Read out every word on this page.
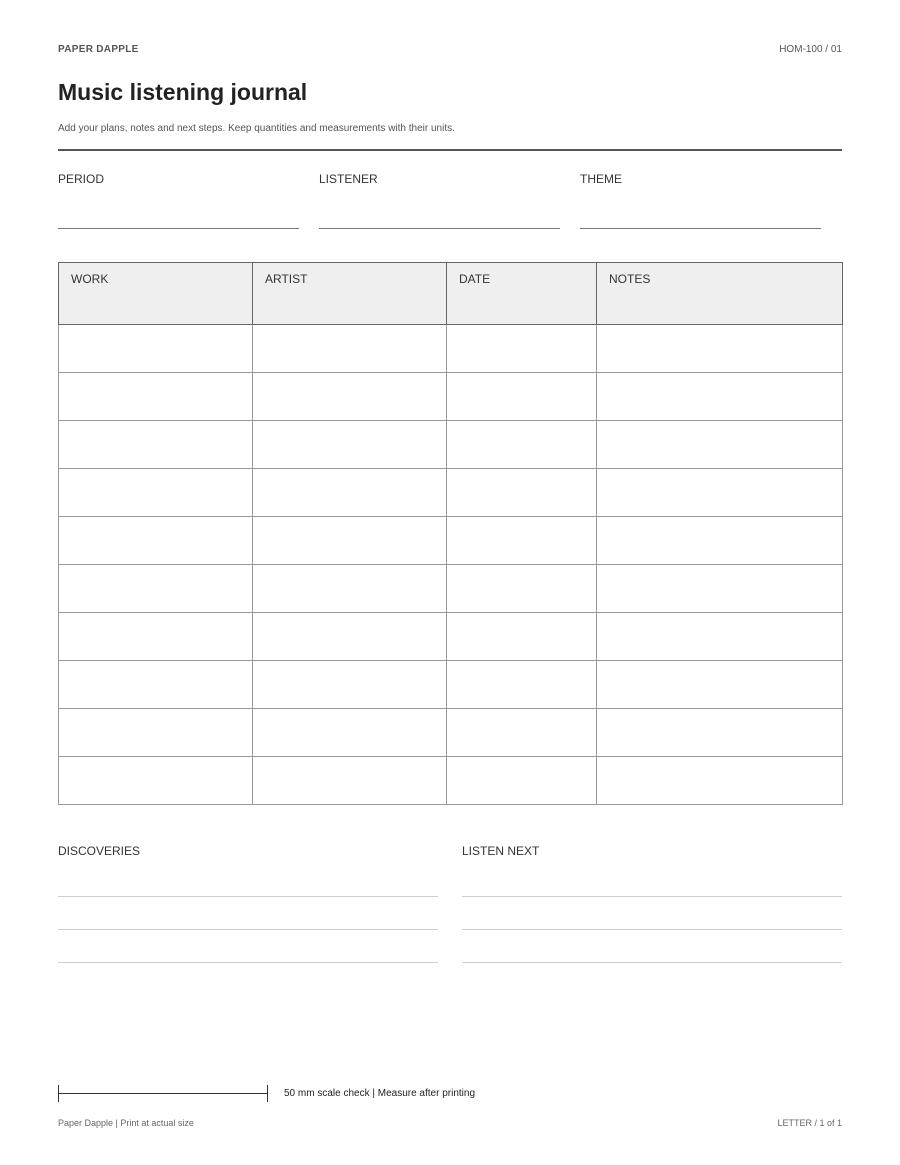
PAPER DAPPLE	HOM-100 / 01
Music listening journal
Add your plans, notes and next steps. Keep quantities and measurements with their units.
PERIOD	LISTENER	THEME
WORK	ARTIST	DATE	NOTES

DISCOVERIES	LISTEN NEXT
50 mm scale check | Measure after printing
Paper Dapple | Print at actual size	LETTER / 1 of 1
